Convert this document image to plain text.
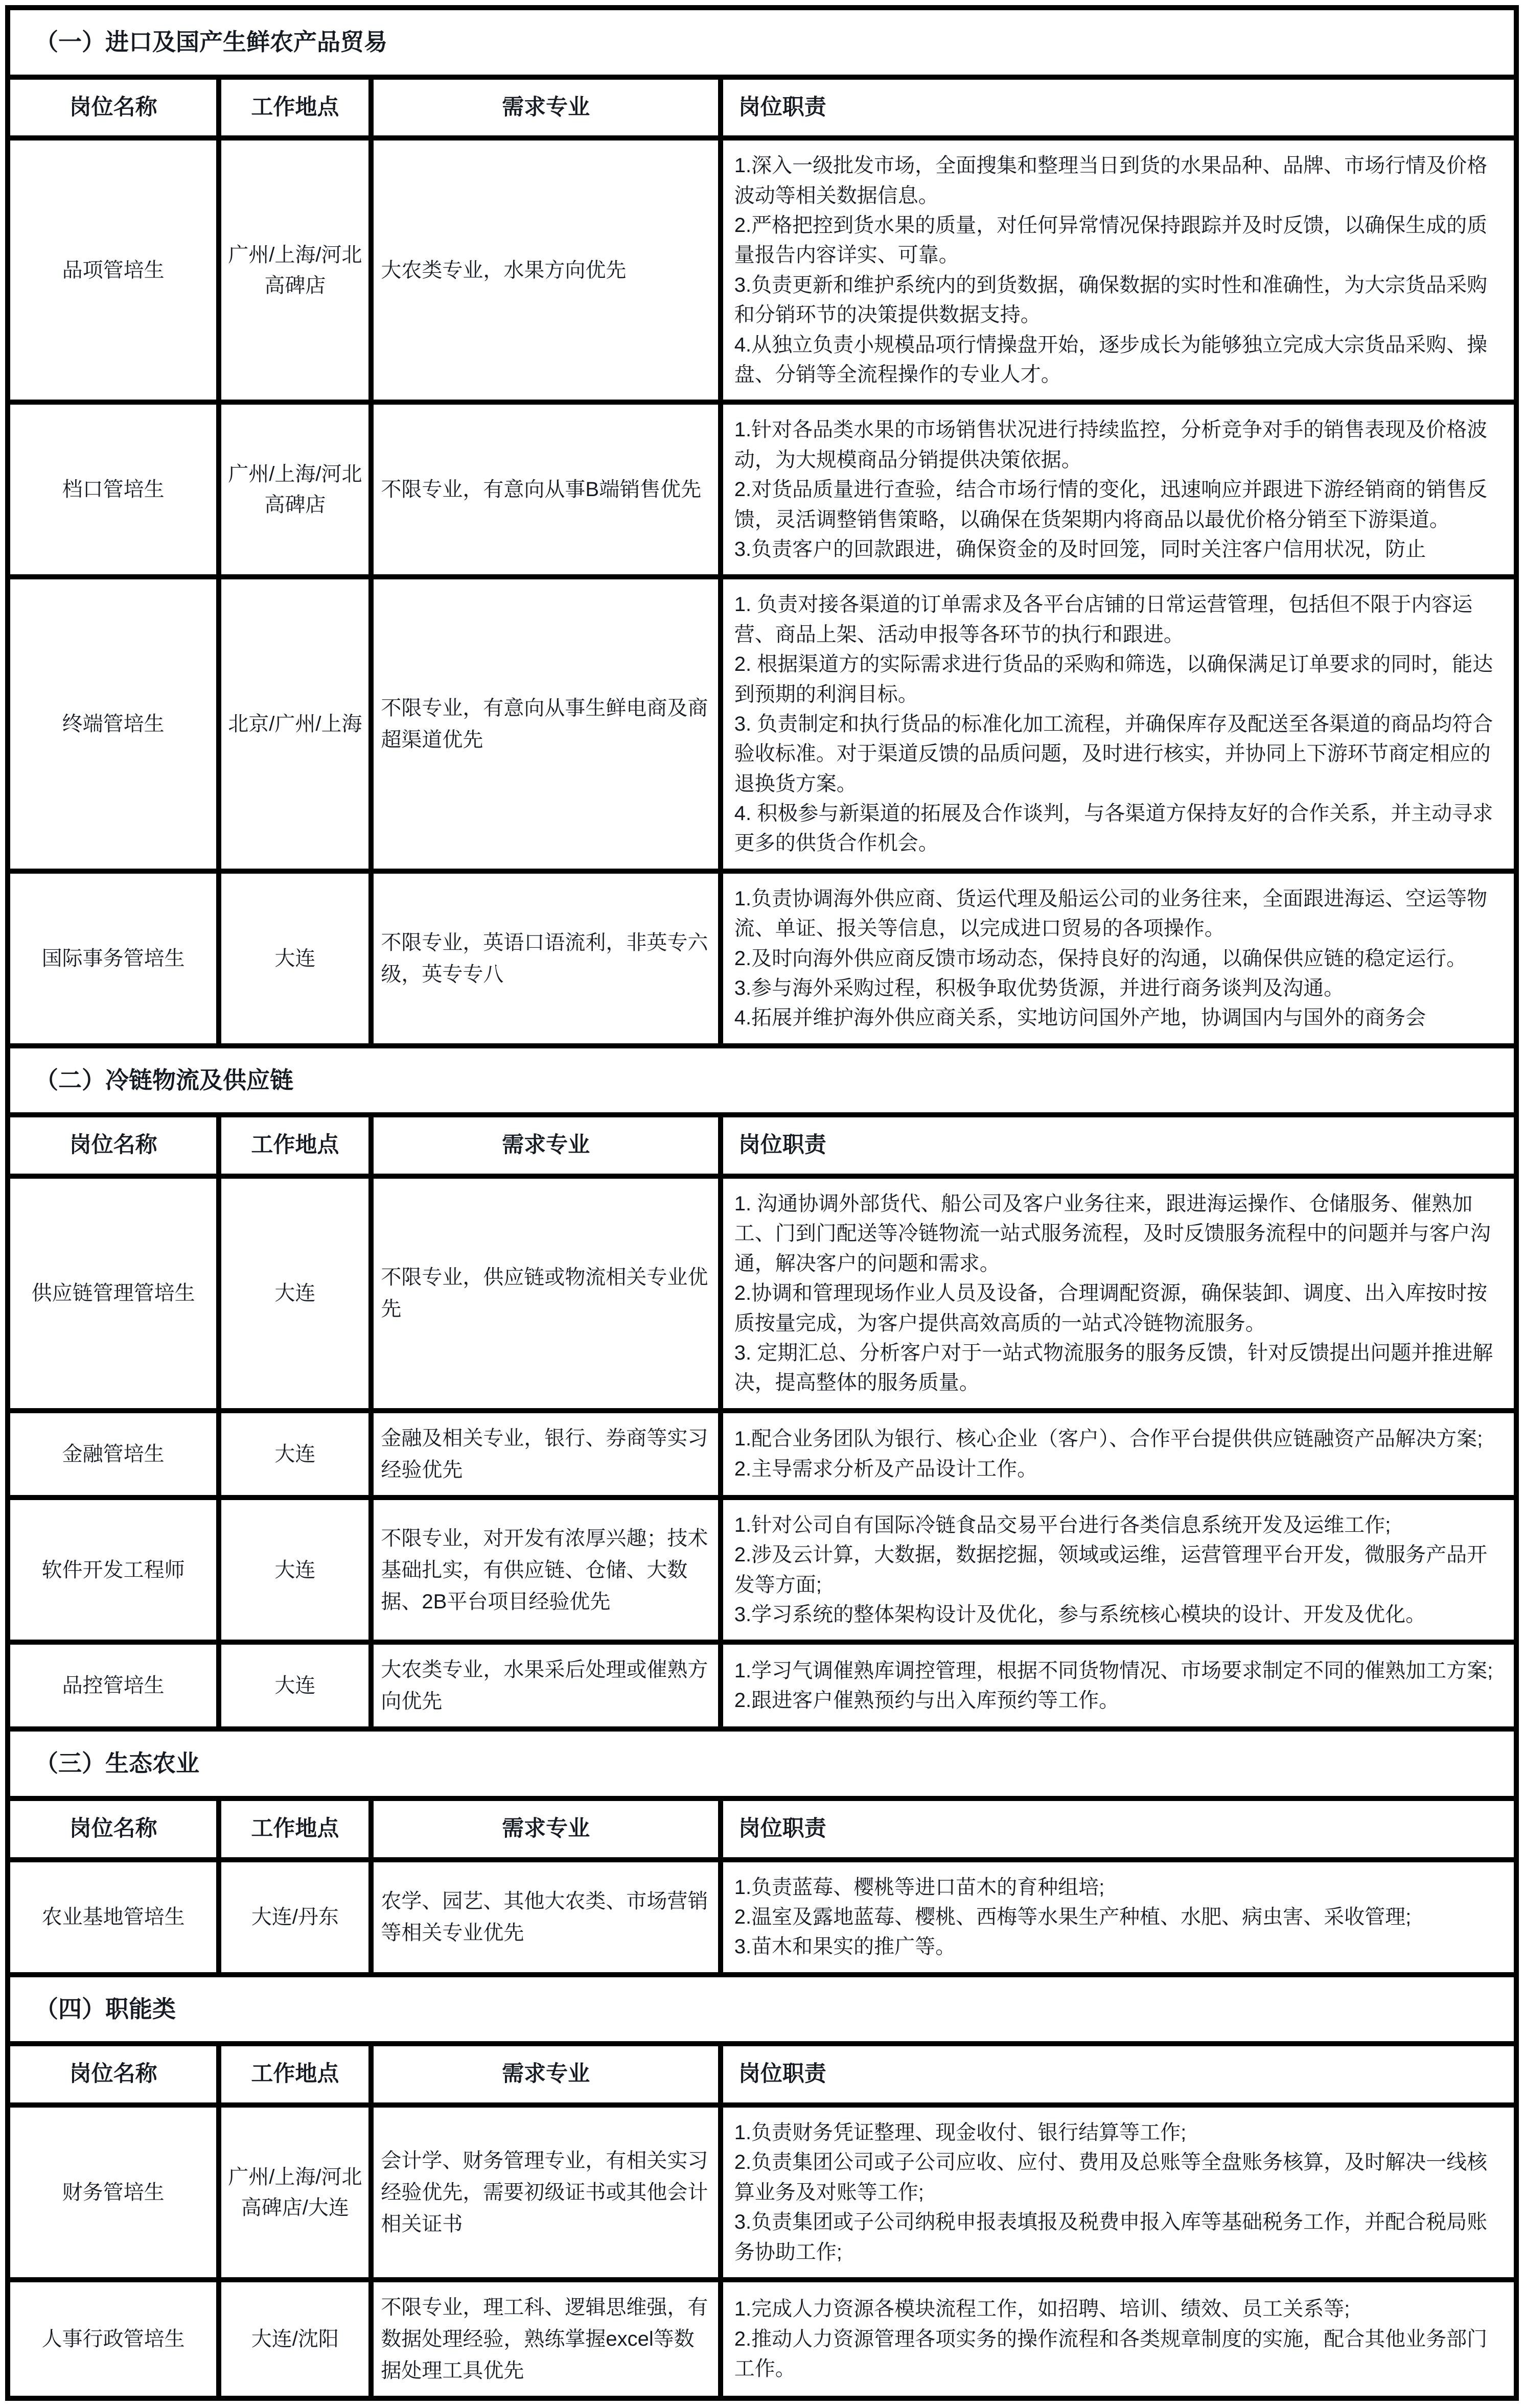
（一）进口及国产生鲜农产品贸易			
岗位名称	工作地点	需求专业	岗位职责
品项管培生	广州/上海/河北高碑店	大农类专业，水果方向优先	1.深入一级批发市场，全面搜集和整理当日到货的水果品种、品牌、市场行情及价格波动等相关数据信息。
2.严格把控到货水果的质量，对任何异常情况保持跟踪并及时反馈，以确保生成的质量报告内容详实、可靠。
3.负责更新和维护系统内的到货数据，确保数据的实时性和准确性，为大宗货品采购和分销环节的决策提供数据支持。
4.从独立负责小规模品项行情操盘开始，逐步成长为能够独立完成大宗货品采购、操盘、分销等全流程操作的专业人才。

档口管培生	广州/上海/河北高碑店	不限专业，有意向从事B端销售优先	1.针对各品类水果的市场销售状况进行持续监控，分析竞争对手的销售表现及价格波动，为大规模商品分销提供决策依据。
2.对货品质量进行查验，结合市场行情的变化，迅速响应并跟进下游经销商的销售反馈，灵活调整销售策略，以确保在货架期内将商品以最优价格分销至下游渠道。
3.负责客户的回款跟进，确保资金的及时回笼，同时关注客户信用状况，防止

终端管培生	北京/广州/上海	不限专业，有意向从事生鲜电商及商超渠道优先	1. 负责对接各渠道的订单需求及各平台店铺的日常运营管理，包括但不限于内容运营、商品上架、活动申报等各环节的执行和跟进。
2. 根据渠道方的实际需求进行货品的采购和筛选，以确保满足订单要求的同时，能达到预期的利润目标。
3. 负责制定和执行货品的标准化加工流程，并确保库存及配送至各渠道的商品均符合验收标准。对于渠道反馈的品质问题，及时进行核实，并协同上下游环节商定相应的退换货方案。
4. 积极参与新渠道的拓展及合作谈判，与各渠道方保持友好的合作关系，并主动寻求更多的供货合作机会。

国际事务管培生	大连	不限专业，英语口语流利，非英专六级，英专专八	1.负责协调海外供应商、货运代理及船运公司的业务往来，全面跟进海运、空运等物流、单证、报关等信息，以完成进口贸易的各项操作。
2.及时向海外供应商反馈市场动态，保持良好的沟通，以确保供应链的稳定运行。
3.参与海外采购过程，积极争取优势货源，并进行商务谈判及沟通。
4.拓展并维护海外供应商关系，实地访问国外产地，协调国内与国外的商务会

（二）冷链物流及供应链			
岗位名称	工作地点	需求专业	岗位职责
供应链管理管培生	大连	不限专业，供应链或物流相关专业优先	1. 沟通协调外部货代、船公司及客户业务往来，跟进海运操作、仓储服务、催熟加工、门到门配送等冷链物流一站式服务流程，及时反馈服务流程中的问题并与客户沟通，解决客户的问题和需求。
2.协调和管理现场作业人员及设备，合理调配资源，确保装卸、调度、出入库按时按质按量完成，为客户提供高效高质的一站式冷链物流服务。
3. 定期汇总、分析客户对于一站式物流服务的服务反馈，针对反馈提出问题并推进解决，提高整体的服务质量。

金融管培生	大连	金融及相关专业，银行、券商等实习经验优先	1.配合业务团队为银行、核心企业（客户）、合作平台提供供应链融资产品解决方案;
2.主导需求分析及产品设计工作。

软件开发工程师	大连	不限专业，对开发有浓厚兴趣；技术基础扎实，有供应链、仓储、大数据、2B平台项目经验优先	1.针对公司自有国际冷链食品交易平台进行各类信息系统开发及运维工作;
2.涉及云计算，大数据，数据挖掘，领域或运维，运营管理平台开发，微服务产品开发等方面;
3.学习系统的整体架构设计及优化，参与系统核心模块的设计、开发及优化。

品控管培生	大连	大农类专业，水果采后处理或催熟方向优先	1.学习气调催熟库调控管理，根据不同货物情况、市场要求制定不同的催熟加工方案;
2.跟进客户催熟预约与出入库预约等工作。

（三）生态农业			
岗位名称	工作地点	需求专业	岗位职责
农业基地管培生	大连/丹东	农学、园艺、其他大农类、市场营销等相关专业优先	1.负责蓝莓、樱桃等进口苗木的育种组培;
2.温室及露地蓝莓、樱桃、西梅等水果生产种植、水肥、病虫害、采收管理;
3.苗木和果实的推广等。

（四）职能类			
岗位名称	工作地点	需求专业	岗位职责
财务管培生	广州/上海/河北高碑店/大连	会计学、财务管理专业，有相关实习经验优先，需要初级证书或其他会计相关证书	1.负责财务凭证整理、现金收付、银行结算等工作;
2.负责集团公司或子公司应收、应付、费用及总账等全盘账务核算，及时解决一线核算业务及对账等工作;
3.负责集团或子公司纳税申报表填报及税费申报入库等基础税务工作，并配合税局账务协助工作;

人事行政管培生	大连/沈阳	不限专业，理工科、逻辑思维强，有数据处理经验，熟练掌握excel等数据处理工具优先	1.完成人力资源各模块流程工作，如招聘、培训、绩效、员工关系等;
2.推动人力资源管理各项实务的操作流程和各类规章制度的实施，配合其他业务部门工作。
